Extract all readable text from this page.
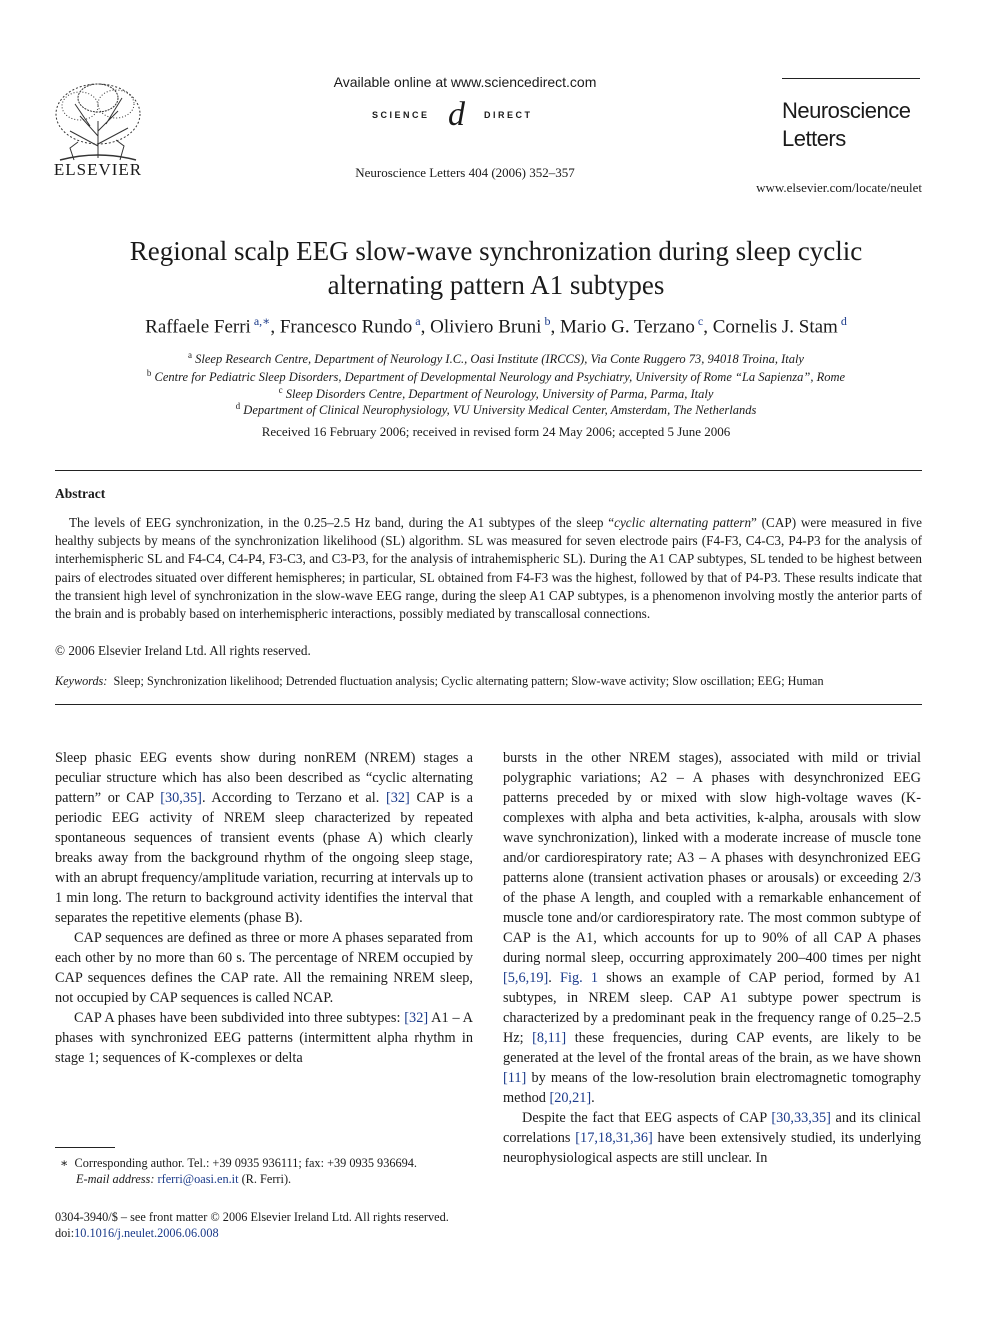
ELSEVIER
Available online at www.sciencedirect.com
SCIENCE d DIRECT
Neuroscience Letters 404 (2006) 352–357
Neuroscience
Letters
www.elsevier.com/locate/neulet
Regional scalp EEG slow-wave synchronization during sleep cyclic
alternating pattern A1 subtypes
Raffaele Ferri $^{a,∗}$, Francesco Rundo $^a$, Oliviero Bruni $^b$, Mario G. Terzano $^c$, Cornelis J. Stam $^d$
$^a$ Sleep Research Centre, Department of Neurology I.C., Oasi Institute (IRCCS), Via Conte Ruggero 73, 94018 Troina, Italy
$^b$ Centre for Pediatric Sleep Disorders, Department of Developmental Neurology and Psychiatry, University of Rome “La Sapienza”, Rome
$^c$ Sleep Disorders Centre, Department of Neurology, University of Parma, Parma, Italy
$^d$ Department of Clinical Neurophysiology, VU University Medical Center, Amsterdam, The Netherlands
Received 16 February 2006; received in revised form 24 May 2006; accepted 5 June 2006
Abstract
The levels of EEG synchronization, in the 0.25–2.5 Hz band, during the A1 subtypes of the sleep “cyclic alternating pattern” (CAP) were measured in five healthy subjects by means of the synchronization likelihood (SL) algorithm. SL was measured for seven electrode pairs (F4-F3, C4-C3, P4-P3 for the analysis of interhemispheric SL and F4-C4, C4-P4, F3-C3, and C3-P3, for the analysis of intrahemispheric SL). During the A1 CAP subtypes, SL tended to be highest between pairs of electrodes situated over different hemispheres; in particular, SL obtained from F4-F3 was the highest, followed by that of P4-P3. These results indicate that the transient high level of synchronization in the slow-wave EEG range, during the sleep A1 CAP subtypes, is a phenomenon involving mostly the anterior parts of the brain and is probably based on interhemispheric interactions, possibly mediated by transcallosal connections.
© 2006 Elsevier Ireland Ltd. All rights reserved.
Keywords: Sleep; Synchronization likelihood; Detrended fluctuation analysis; Cyclic alternating pattern; Slow-wave activity; Slow oscillation; EEG; Human

Sleep phasic EEG events show during nonREM (NREM) stages a peculiar structure which has also been described as “cyclic alternating pattern” or CAP [30,35]. According to Terzano et al. [32] CAP is a periodic EEG activity of NREM sleep characterized by repeated spontaneous sequences of transient events (phase A) which clearly breaks away from the background rhythm of the ongoing sleep stage, with an abrupt frequency/amplitude variation, recurring at intervals up to 1 min long. The return to background activity identifies the interval that separates the repetitive elements (phase B).

CAP sequences are defined as three or more A phases separated from each other by no more than 60 s. The percentage of NREM occupied by CAP sequences defines the CAP rate. All the remaining NREM sleep, not occupied by CAP sequences is called NCAP.

CAP A phases have been subdivided into three subtypes: [32] A1 – A phases with synchronized EEG patterns (intermittent alpha rhythm in stage 1; sequences of K-complexes or delta

bursts in the other NREM stages), associated with mild or trivial polygraphic variations; A2 – A phases with desynchronized EEG patterns preceded by or mixed with slow high-voltage waves (K-complexes with alpha and beta activities, k-alpha, arousals with slow wave synchronization), linked with a moderate increase of muscle tone and/or cardiorespiratory rate; A3 – A phases with desynchronized EEG patterns alone (transient activation phases or arousals) or exceeding 2/3 of the phase A length, and coupled with a remarkable enhancement of muscle tone and/or cardiorespiratory rate. The most common subtype of CAP is the A1, which accounts for up to 90% of all CAP A phases during normal sleep, occurring approximately 200–400 times per night [5,6,19]. Fig. 1 shows an example of CAP period, formed by A1 subtypes, in NREM sleep. CAP A1 subtype power spectrum is characterized by a predominant peak in the frequency range of 0.25–2.5 Hz; [8,11] these frequencies, during CAP events, are likely to be generated at the level of the frontal areas of the brain, as we have shown [11] by means of the low-resolution brain electromagnetic tomography method [20,21].

Despite the fact that EEG aspects of CAP [30,33,35] and its clinical correlations [17,18,31,36] have been extensively studied, its underlying neurophysiological aspects are still unclear. In

∗ Corresponding author. Tel.: +39 0935 936111; fax: +39 0935 936694.
E-mail address: rferri@oasi.en.it (R. Ferri).
0304-3940/$ – see front matter © 2006 Elsevier Ireland Ltd. All rights reserved.
doi:10.1016/j.neulet.2006.06.008
